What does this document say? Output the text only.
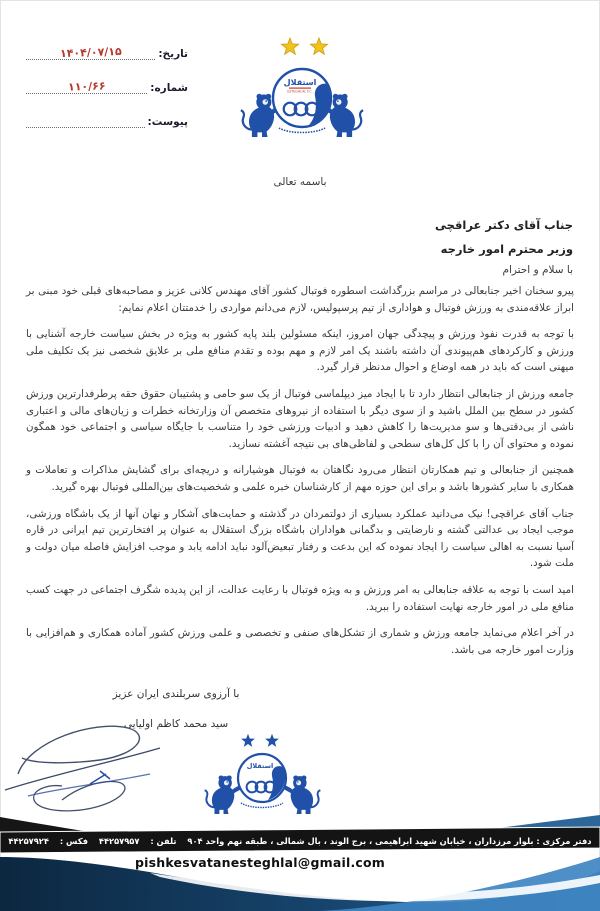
تاریخ:
۱۴۰۴/۰۷/۱۵
شماره:
۱۱۰/۶۶
پیوست:
استقلال
ESTEGHLAL F.C.
باسمه تعالی
جناب آقای دکتر عراقچی
وزیر محترم امور خارجه
با سلام و احترام

پیرو سخنان اخیر جنابعالی در مراسم بزرگداشت اسطوره فوتبال کشور آقای مهندس کلانی عزیز و مصاحبه‌های قبلی خود مبنی بر ابراز علاقه‌مندی به ورزش فوتبال و هواداری از تیم پرسپولیس، لازم می‌دانم مواردی را خدمتتان اعلام نمایم:

با توجه به قدرت نفوذ ورزش و پیچدگی جهان امروز، اینکه مسئولین بلند پایه کشور به ویژه در بخش سیاست خارجه آشنایی با ورزش و کارکردهای هم‌پیوندی آن داشته باشند یک امر لازم و مهم بوده و تقدم منافع ملی بر علایق شخصی نیز یک تکلیف ملی میهنی است که باید در همه اوضاع و احوال مدنظر قرار گیرد.

جامعه ورزش از جنابعالی انتظار دارد تا با ایجاد میز دیپلماسی فوتبال از یک سو حامی و پشتیبان حقوق حقه پرطرفدارترین ورزش کشور در سطح بین الملل باشید و از سوی دیگر با استفاده از نیروهای متخصص آن وزارتخانه خطرات و زیان‌های مالی و اعتباری ناشی از بی‌دقتی‌ها و سو مدیریت‌ها را کاهش دهید و ادبیات ورزشی خود را متناسب با جایگاه سیاسی و اجتماعی خود همگون نموده و محتوای آن را با کل کل‌های سطحی و لفاظی‌های بی نتیجه آغشته نسازید.

همچنین از جنابعالی و تیم همکارتان انتظار می‌رود نگاهتان به فوتبال هوشیارانه و دریچه‌ای برای گشایش مذاکرات و تعاملات و همکاری با سایر کشورها باشد و برای این حوزه مهم از کارشناسان خبره علمی و شخصیت‌های بین‌المللی فوتبال بهره گیرید.

جناب آقای عراقچی! نیک می‌دانید عملکرد بسیاری از دولتمردان در گذشته و حمایت‌های آشکار و نهان آنها از یک باشگاه ورزشی، موجب ایجاد بی عدالتی گشته و نارضایتی و بدگمانی هواداران باشگاه بزرگ استقلال به عنوان پر افتخارترین تیم ایرانی در قاره آسیا نسبت به اهالی سیاست را ایجاد نموده که این بدعت و رفتار تبعیض‌آلود نباید ادامه یابد و موجب افزایش فاصله میان دولت و ملت شود.

امید است با توجه به علاقه جنابعالی به امر ورزش و به ویژه فوتبال با رعایت عدالت، از این پدیده شگرف اجتماعی در جهت کسب منافع ملی در امور خارجه نهایت استفاده را ببرید.

در آخر اعلام می‌نماید جامعه ورزش و شماری از تشکل‌های صنفی و تخصصی و علمی ورزش کشور آماده همکاری و هم‌افزایی با وزارت امور خارجه می باشد.

با آرزوی سربلندی ایران عزیز
سید محمد کاظم اولیایی
استقلال
دفتر مرکزی : بلوار مرزداران ، خیابان شهید ابراهیمی ، برج الوند ، بال شمالی ، طبقه نهم واحد ۹۰۴ تلفن : ۴۴۲۵۷۹۵۷ فکس : ۴۴۲۵۷۹۲۴
pishkesvatanesteghlal@gmail.com
